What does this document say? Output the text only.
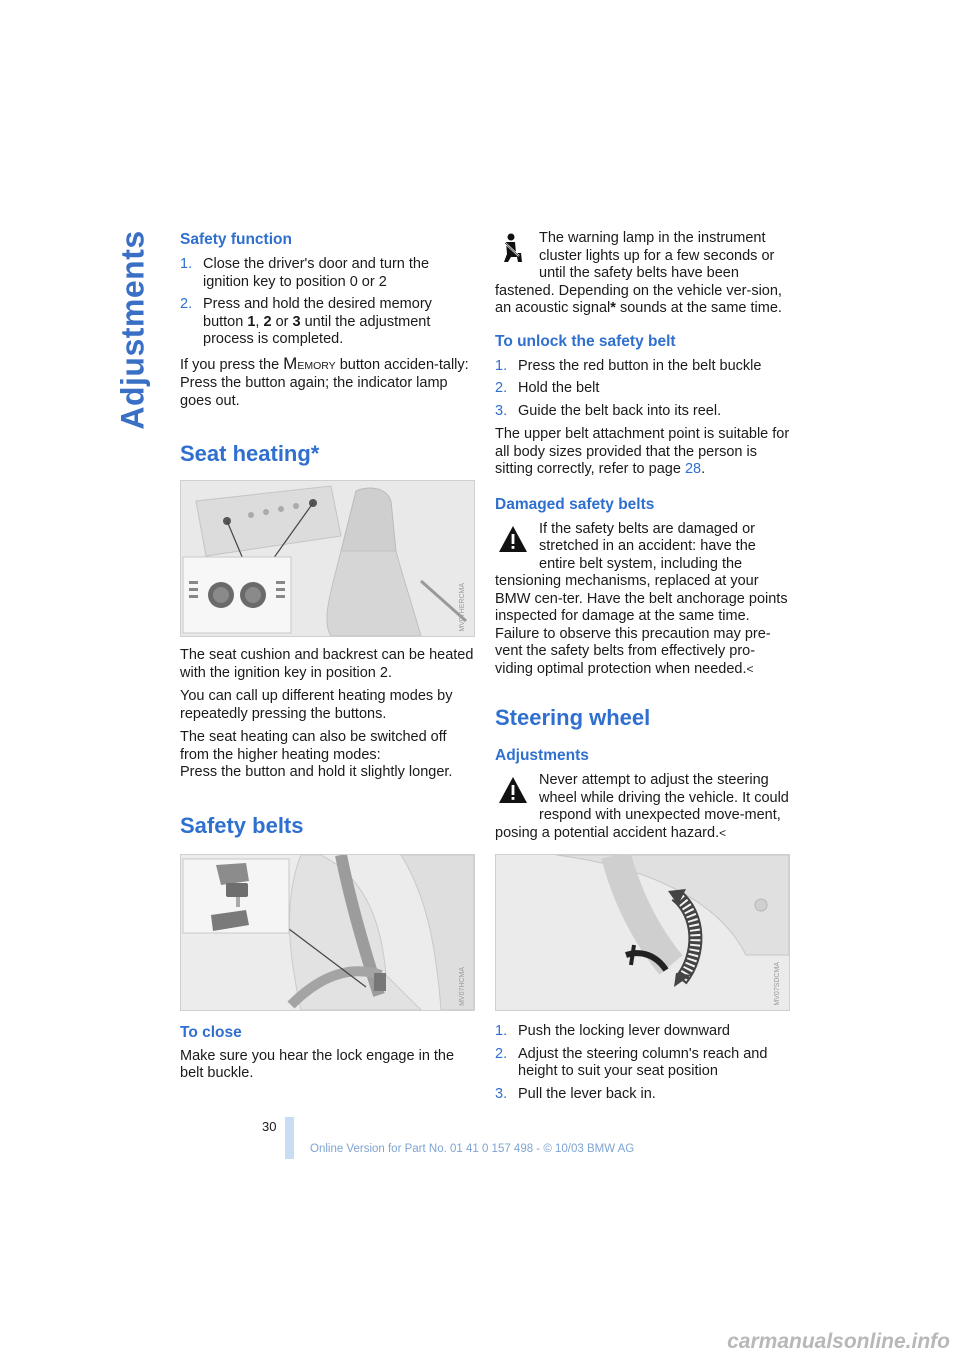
Adjustments Safety function
1. Close the driver's door and turn the ignition key to position 0 or 2
2. Press and hold the desired memory button 1, 2 or 3 until the adjustment process is completed.

If you press the MEMORY button acciden-tally:
Press the button again; the indicator lamp goes out.

Seat heating*
MV07HERCMA

The seat cushion and backrest can be heated with the ignition key in position 2.

You can call up different heating modes by repeatedly pressing the buttons.

The seat heating can also be switched off from the higher heating modes:
Press the button and hold it slightly longer.

Safety belts
MV07HCMA
To close

Make sure you hear the lock engage in the belt buckle.

The warning lamp in the instrument cluster lights up for a few seconds or until the safety belts have been fastened. Depending on the vehicle ver-sion, an acoustic signal* sounds at the same time.

To unlock the safety belt
1. Press the red button in the belt buckle
2. Hold the belt
3. Guide the belt back into its reel.

The upper belt attachment point is suitable for all body sizes provided that the person is sitting correctly, refer to page 28.

Damaged safety belts

If the safety belts are damaged or stretched in an accident: have the entire belt system, including the tensioning mechanisms, replaced at your BMW cen-ter. Have the belt anchorage points inspected for damage at the same time. Failure to observe this precaution may pre-vent the safety belts from effectively pro-viding optimal protection when needed.<

Steering wheel
Adjustments

Never attempt to adjust the steering wheel while driving the vehicle. It could respond with unexpected move-ment, posing a potential accident hazard.<

MV07SDCMA
1. Push the locking lever downward
2. Adjust the steering column's reach and height to suit your seat position
3. Pull the lever back in.
30
Online Version for Part No. 01 41 0 157 498 - © 10/03 BMW AG
carmanualsonline.info
